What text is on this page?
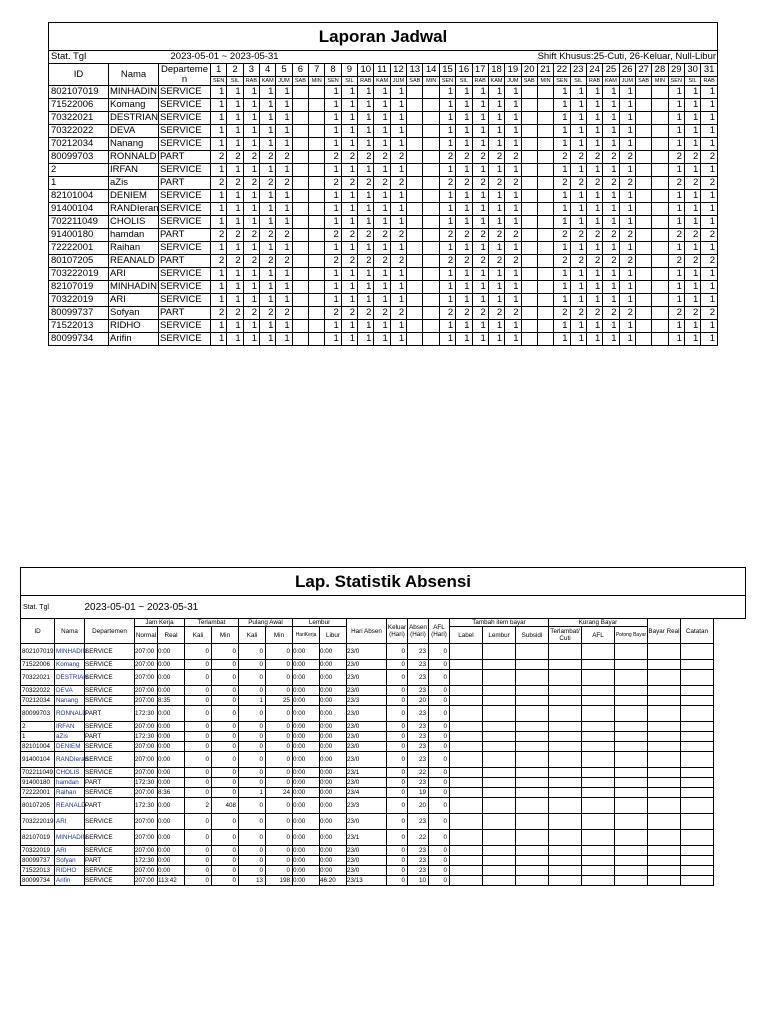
Laporan Jadwal																																	
Stat. Tgl		2023-05-01 ~ 2023-05-31												Shift Khusus:25-Cuti, 26-Keluar, Null-Libur																			
ID	Nama	Departemen	1	2	3	4	5	6	7	8	9	10	11	12	13	14	15	16	17	18	19	20	21	22	23	24	25	26	27	28	29	30	31
			SEN	SIL	RAB	KAM	JUM	SAB	MIN	SEN	SIL	RAB	KAM	JUM	SAB	MIN	SEN	SIL	RAB	KAM	JUM	SAB	MIN	SEN	SIL	RAB	KAM	JUM	SAB	MIN	SEN	SIL	RAB
802107019	MINHADIN	SERVICE	1	1	1	1	1			1	1	1	1	1			1	1	1	1	1			1	1	1	1	1			1	1	1
71522006	Komang	SERVICE	1	1	1	1	1			1	1	1	1	1			1	1	1	1	1			1	1	1	1	1			1	1	1
70322021	DESTRIAN	SERVICE	1	1	1	1	1			1	1	1	1	1			1	1	1	1	1			1	1	1	1	1			1	1	1
70322022	DEVA	SERVICE	1	1	1	1	1			1	1	1	1	1			1	1	1	1	1			1	1	1	1	1			1	1	1
70212034	Nanang	SERVICE	1	1	1	1	1			1	1	1	1	1			1	1	1	1	1			1	1	1	1	1			1	1	1
80099703	RONNALD	PART	2	2	2	2	2			2	2	2	2	2			2	2	2	2	2			2	2	2	2	2			2	2	2
2	IRFAN	SERVICE	1	1	1	1	1			1	1	1	1	1			1	1	1	1	1			1	1	1	1	1			1	1	1
1	aZis	PART	2	2	2	2	2			2	2	2	2	2			2	2	2	2	2			2	2	2	2	2			2	2	2
82101004	DENIEM	SERVICE	1	1	1	1	1			1	1	1	1	1			1	1	1	1	1			1	1	1	1	1			1	1	1
91400104	RANDIeran	SERVICE	1	1	1	1	1			1	1	1	1	1			1	1	1	1	1			1	1	1	1	1			1	1	1
702211049	CHOLIS	SERVICE	1	1	1	1	1			1	1	1	1	1			1	1	1	1	1			1	1	1	1	1			1	1	1
91400180	hamdan	PART	2	2	2	2	2			2	2	2	2	2			2	2	2	2	2			2	2	2	2	2			2	2	2
72222001	Raihan	SERVICE	1	1	1	1	1			1	1	1	1	1			1	1	1	1	1			1	1	1	1	1			1	1	1
80107205	REANALD	PART	2	2	2	2	2			2	2	2	2	2			2	2	2	2	2			2	2	2	2	2			2	2	2
703222019	ARI	SERVICE	1	1	1	1	1			1	1	1	1	1			1	1	1	1	1			1	1	1	1	1			1	1	1
82107019	MINHADIN	SERVICE	1	1	1	1	1			1	1	1	1	1			1	1	1	1	1			1	1	1	1	1			1	1	1
70322019	ARI	SERVICE	1	1	1	1	1			1	1	1	1	1			1	1	1	1	1			1	1	1	1	1			1	1	1
80099737	Sofyan	PART	2	2	2	2	2			2	2	2	2	2			2	2	2	2	2			2	2	2	2	2			2	2	2
71522013	RIDHO	SERVICE	1	1	1	1	1			1	1	1	1	1			1	1	1	1	1			1	1	1	1	1			1	1	1
80099734	Arifin	SERVICE	1	1	1	1	1			1	1	1	1	1			1	1	1	1	1			1	1	1	1	1			1	1	1
Lap. Statistik Absensi																						
Stat. Tgl		2023-05-01 ~ 2023-05-31																				
ID	Nama	Departemen	Jam Kerja		Terlambat		Pulang Awal		Lembur		Hari Absen	Keluar (Hari)	Absen (Hari)	AFL (Hari)	Tambah item bayar			Kurang Bayar			Bayar Real	Catatan
			Normal	Real	Kali	Min	Kali	Min	HariKerja	Libur					Label	Lembur	Subsidi	Terlambat/ Cuti	AFL	Potong Bayar		
802107019	MINHADIN	SERVICE	207:00	0:00	0	0	0	0	0:00	0:00	23/0	0	23	0								
71522006	Komang	SERVICE	207:00	0:00	0	0	0	0	0:00	0:00	23/0	0	23	0								
70322021	DESTRIAN	SERVICE	207:00	0:00	0	0	0	0	0:00	0:00	23/0	0	23	0								
70322022	DEVA	SERVICE	207:00	0:00	0	0	0	0	0:00	0:00	23/0	0	23	0								
70212034	Nanang	SERVICE	207:00	8:35	0	0	1	25	0:00	0:00	23/3	0	20	0								
80099703	RONNALD	PART	172:30	0:00	0	0	0	0	0:00	0:00	23/0	0	23	0								
2	IRFAN	SERVICE	207:00	0:00	0	0	0	0	0:00	0:00	23/0	0	23	0								
1	aZis	PART	172:30	0:00	0	0	0	0	0:00	0:00	23/0	0	23	0								
82101004	DENIEM	SERVICE	207:00	0:00	0	0	0	0	0:00	0:00	23/0	0	23	0								
91400104	RANDIeran	SERVICE	207:00	0:00	0	0	0	0	0:00	0:00	23/0	0	23	0								
702211049	CHOLIS	SERVICE	207:00	0:00	0	0	0	0	0:00	0:00	23/1	0	22	0								
91400180	hamdan	PART	172:30	0:00	0	0	0	0	0:00	0:00	23/0	0	23	0								
72222001	Raihan	SERVICE	207:00	8:36	0	0	1	24	0:00	0:00	23/4	0	19	0								
80107205	REANALD	PART	172:30	0:00	2	408	0	0	0:00	0:00	23/3	0	20	0								
703222019	ARI	SERVICE	207:00	0:00	0	0	0	0	0:00	0:00	23/0	0	23	0								
82107019	MINHADIN	SERVICE	207:00	0:00	0	0	0	0	0:00	0:00	23/1	0	22	0								
70322019	ARI	SERVICE	207:00	0:00	0	0	0	0	0:00	0:00	23/0	0	23	0								
80099737	Sofyan	PART	172:30	0:00	0	0	0	0	0:00	0:00	23/0	0	23	0								
71522013	RIDHO	SERVICE	207:00	0:00	0	0	0	0	0:00	0:00	23/0	0	23	0								
80099734	Arifin	SERVICE	207:00	113:42	0	0	13	198	0:00	46:20	23/13	0	10	0								
